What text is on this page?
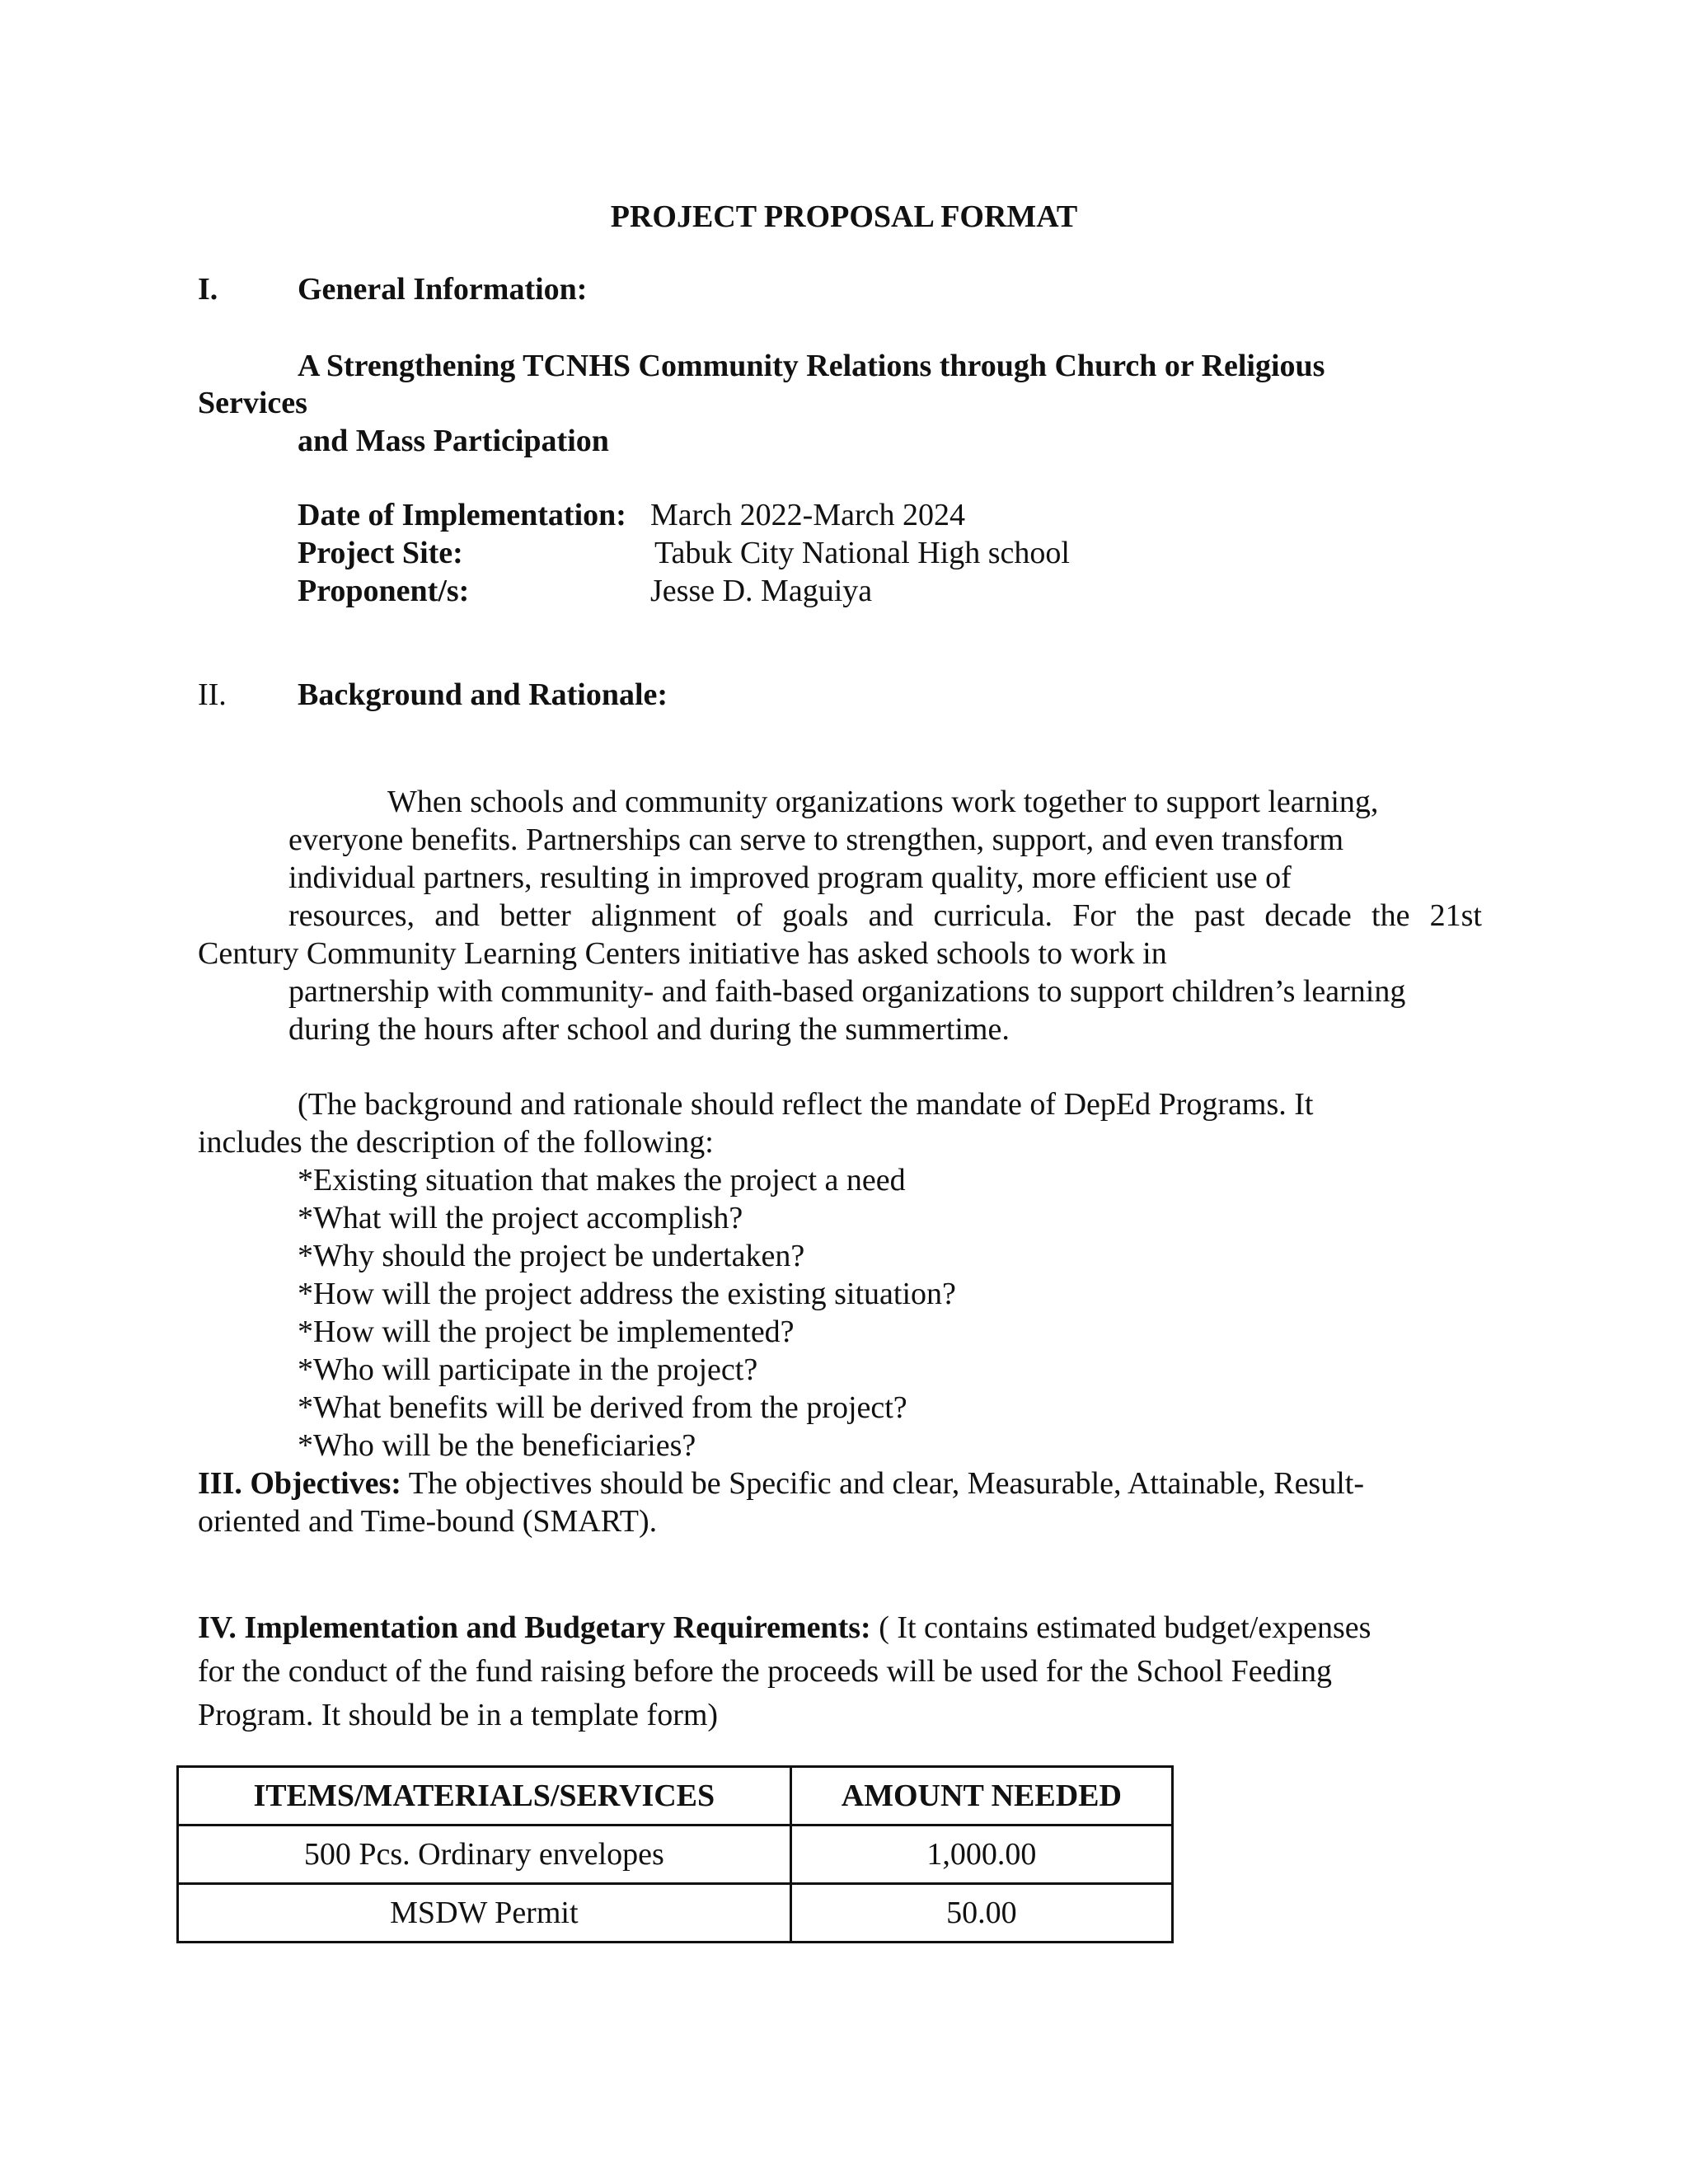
PROJECT PROPOSAL FORMAT

I.	General Information:

A Strengthening TCNHS Community Relations through Church or Religious

Services

and Mass Participation

Date of Implementation: March 2022-March 2024

Project Site:	Tabuk City National High school

Proponent/s:	Jesse D. Maguiya

II. Background and Rationale:

When schools and community organizations work together to support learning,

everyone benefits. Partnerships can serve to strengthen, support, and even transform

individual partners, resulting in improved program quality, more efficient use of

resources, and better alignment of goals and curricula. For the past decade the 21st

Century Community Learning Centers initiative has asked schools to work in

partnership with community- and faith-based organizations to support children’s learning

during the hours after school and during the summertime.

(The background and rationale should reflect the mandate of DepEd Programs. It

includes the description of the following:

*Existing situation that makes the project a need

*What will the project accomplish?

*Why should the project be undertaken?

*How will the project address the existing situation?

*How will the project be implemented?

*Who will participate in the project?

*What benefits will be derived from the project?

*Who will be the beneficiaries?

III. Objectives: The objectives should be Specific and clear, Measurable, Attainable, Result-

oriented and Time-bound (SMART).

IV. Implementation and Budgetary Requirements: ( It contains estimated budget/expenses

for the conduct of the fund raising before the proceeds will be used for the School Feeding

Program. It should be in a template form)

ITEMS/MATERIALS/SERVICES	AMOUNT NEEDED
500 Pcs. Ordinary envelopes	1,000.00
MSDW Permit	50.00
